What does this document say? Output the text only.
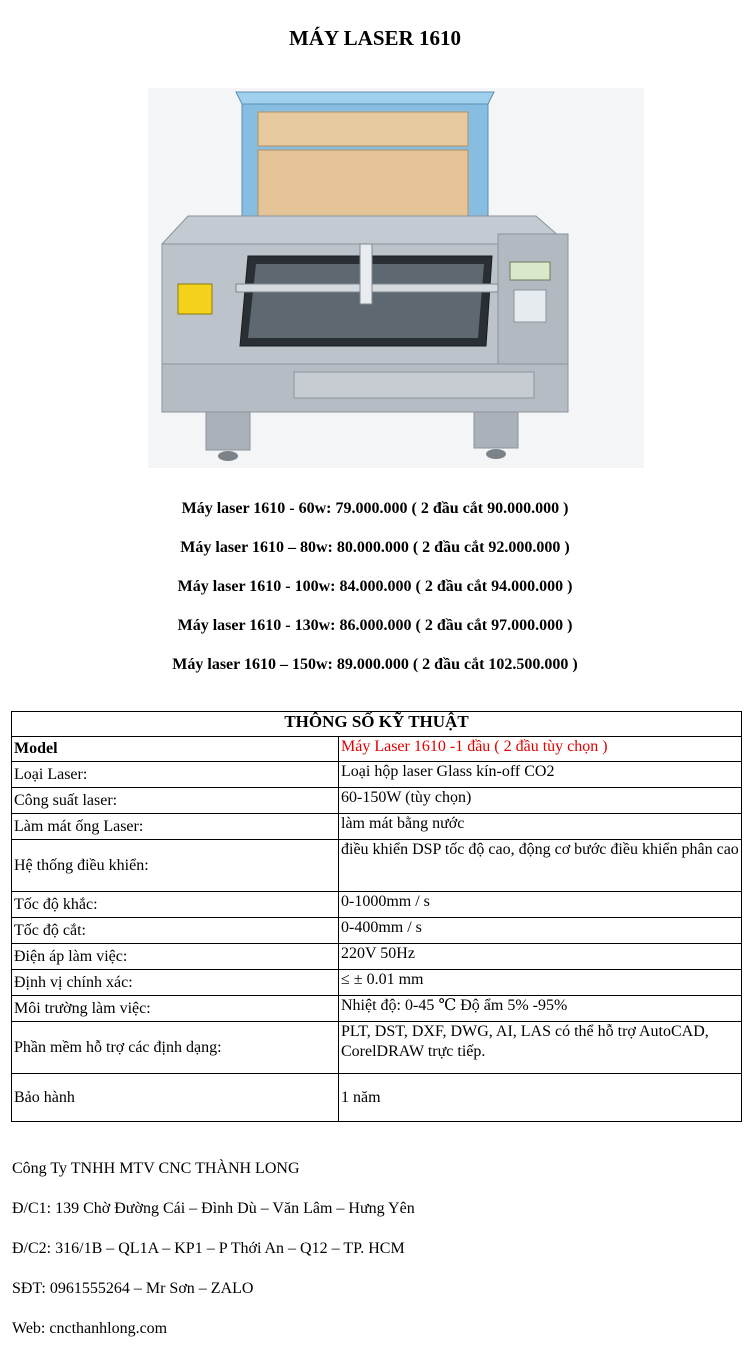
MÁY LASER 1610
Máy laser 1610 - 60w: 79.000.000 ( 2 đầu cắt 90.000.000 )
Máy laser 1610 – 80w: 80.000.000 ( 2 đầu cắt 92.000.000 )
Máy laser 1610 - 100w: 84.000.000 ( 2 đầu cắt 94.000.000 )
Máy laser 1610 - 130w: 86.000.000 ( 2 đầu cắt 97.000.000 )
Máy laser 1610 – 150w: 89.000.000 ( 2 đầu cắt 102.500.000 )
THÔNG SỐ KỸ THUẬT	
Model	Máy Laser 1610 -1 đầu ( 2 đầu tùy chọn )
Loại Laser:	Loại hộp laser Glass kín-off CO2
Công suất laser:	60-150W (tùy chọn)
Làm mát ống Laser:	làm mát bằng nước
Hệ thống điều khiển:	điều khiển DSP tốc độ cao, động cơ bước điều khiển phân cao
Tốc độ khắc:	0-1000mm / s
Tốc độ cắt:	0-400mm / s
Điện áp làm việc:	220V 50Hz
Định vị chính xác:	≤ ± 0.01 mm
Môi trường làm việc:	Nhiệt độ: 0-45 ℃ Độ ẩm 5% -95%
Phần mềm hỗ trợ các định dạng:	PLT, DST, DXF, DWG, AI, LAS có thể hỗ trợ AutoCAD, CorelDRAW trực tiếp.
Bảo hành	1 năm
Công Ty TNHH MTV CNC THÀNH LONG
Đ/C1: 139 Chờ Đường Cái – Đình Dù – Văn Lâm – Hưng Yên
Đ/C2: 316/1B – QL1A – KP1 – P Thới An – Q12 – TP. HCM
SĐT: 0961555264 – Mr Sơn – ZALO
Web: cncthanhlong.com
